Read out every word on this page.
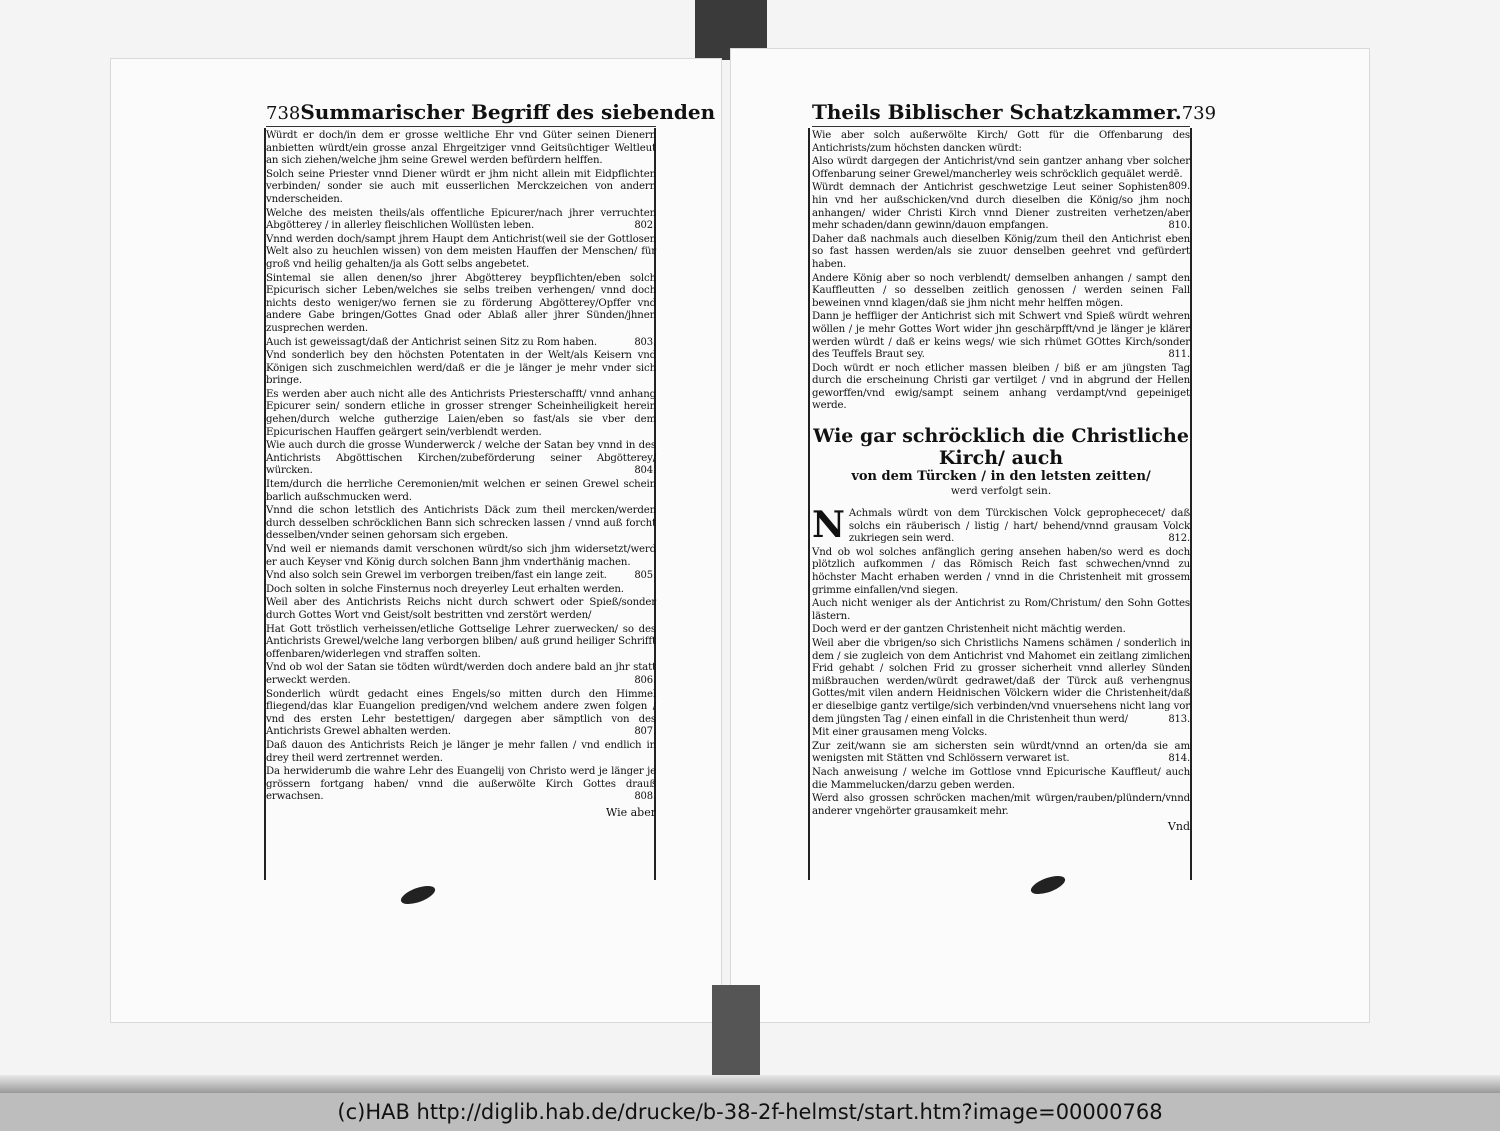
738 Summarischer Begriff des siebenden
Würdt er doch/in dem er grosse weltliche Ehr vnd Güter seinen Dienern anbietten würdt/ein grosse anzal Ehrgeitziger vnnd Geitsüchtiger Weltleut an sich ziehen/welche jhm seine Grewel werden befürdern helffen.
Solch seine Priester vnnd Diener würdt er jhm nicht allein mit Eidpflichten verbinden/ sonder sie auch mit eusserlichen Merckzeichen von andern vnderscheiden.
Welche des meisten theils/als offentliche Epicurer/nach jhrer verruchten Abgötterey / in allerley fleischlichen Wollüsten leben.	802.
Vnnd werden doch/sampt jhrem Haupt dem Antichrist(weil sie der Gottlosen Welt also zu heuchlen wissen) von dem meisten Hauffen der Menschen/ für groß vnd heilig gehalten/ja als Gott selbs angebetet.
Sintemal sie allen denen/so jhrer Abgötterey beypflichten/eben solch Epicurisch sicher Leben/welches sie selbs treiben verhengen/ vnnd doch nichts desto weniger/wo fernen sie zu förderung Abgötterey/Opffer vnd andere Gabe bringen/Gottes Gnad oder Ablaß aller jhrer Sünden/jhnen zusprechen werden.
Auch ist geweissagt/daß der Antichrist seinen Sitz zu Rom haben.	803.
Vnd sonderlich bey den höchsten Potentaten in der Welt/als Keisern vnd Königen sich zuschmeichlen werd/daß er die je länger je mehr vnder sich bringe.
Es werden aber auch nicht alle des Antichrists Priesterschafft/ vnnd anhang Epicurer sein/ sondern etliche in grosser strenger Scheinheiligkeit herein gehen/durch welche gutherzige Laien/eben so fast/als sie vber dem Epicurischen Hauffen geärgert sein/verblendt werden.
Wie auch durch die grosse Wunderwerck / welche der Satan bey vnnd in des Antichrists Abgöttischen Kirchen/zubeförderung seiner Abgötterey/ würcken.	804.
Item/durch die herrliche Ceremonien/mit welchen er seinen Grewel schein barlich außschmucken werd.
Vnnd die schon letstlich des Antichrists Däck zum theil mercken/werden durch desselben schröcklichen Bann sich schrecken lassen / vnnd auß forcht desselben/vnder seinen gehorsam sich ergeben.
Vnd weil er niemands damit verschonen würdt/so sich jhm widersetzt/werd er auch Keyser vnd König durch solchen Bann jhm vnderthänig machen.
Vnd also solch sein Grewel im verborgen treiben/fast ein lange zeit.	805.
Doch solten in solche Finsternus noch dreyerley Leut erhalten werden.
Weil aber des Antichrists Reichs nicht durch schwert oder Spieß/sonder durch Gottes Wort vnd Geist/solt bestritten vnd zerstört werden/
Hat Gott tröstlich verheissen/etliche Gottselige Lehrer zuerwecken/ so des Antichrists Grewel/welche lang verborgen bliben/ auß grund heiliger Schrifft offenbaren/widerlegen vnd straffen solten.
Vnd ob wol der Satan sie tödten würdt/werden doch andere bald an jhr statt erweckt werden.	806.
Sonderlich würdt gedacht eines Engels/so mitten durch den Himmel fliegend/das klar Euangelion predigen/vnd welchem andere zwen folgen / vnd des ersten Lehr bestettigen/ dargegen aber sämptlich von des Antichrists Grewel abhalten werden.	807.
Daß dauon des Antichrists Reich je länger je mehr fallen / vnd endlich in drey theil werd zertrennet werden.
Da herwiderumb die wahre Lehr des Euangelij von Christo werd je länger je grössern fortgang haben/ vnnd die außerwölte Kirch Gottes drauß erwachsen.	808.
Wie aber
Theils Biblischer Schatzkammer. 739
Wie aber solch außerwölte Kirch/ Gott für die Offenbarung des Antichrists/zum höchsten dancken würdt:
Also würdt dargegen der Antichrist/vnd sein gantzer anhang vber solcher Offenbarung seiner Grewel/mancherley weis schröcklich gequälet werdē.
809.
Würdt demnach der Antichrist geschwetzige Leut seiner Sophisten hin vnd her außschicken/vnd durch dieselben die König/so jhm noch anhangen/ wider Christi Kirch vnnd Diener zustreiten verhetzen/aber mehr schaden/dann gewinn/dauon empfangen.	810.
Daher daß nachmals auch dieselben König/zum theil den Antichrist eben so fast hassen werden/als sie zuuor denselben geehret vnd gefürdert haben.
Andere König aber so noch verblendt/ demselben anhangen / sampt den Kauffleutten / so desselben zeitlich genossen / werden seinen Fall beweinen vnnd klagen/daß sie jhm nicht mehr helffen mögen.
Dann je heffiiger der Antichrist sich mit Schwert vnd Spieß würdt wehren wöllen / je mehr Gottes Wort wider jhn geschärpfft/vnd je länger je klärer werden würdt / daß er keins wegs/ wie sich rhümet GOttes Kirch/sonder des Teuffels Braut sey.	811.
Doch würdt er noch etlicher massen bleiben / biß er am jüngsten Tag durch die erscheinung Christi gar vertilget / vnd in abgrund der Hellen geworffen/vnd ewig/sampt seinem anhang verdampt/vnd gepeiniget werde.
Wie gar schröcklich die Christliche Kirch/ auch
von dem Türcken / in den letsten zeitten/
werd verfolgt sein.
N Achmals würdt von dem Türckischen Volck geprophececet/ daß solchs ein räuberisch / listig / hart/ behend/vnnd grausam Volck zukriegen sein werd.	812.
Vnd ob wol solches anfänglich gering ansehen haben/so werd es doch plötzlich aufkommen / das Römisch Reich fast schwechen/vnnd zu höchster Macht erhaben werden / vnnd in die Christenheit mit grossem grimme einfallen/vnd siegen.
Auch nicht weniger als der Antichrist zu Rom/Christum/ den Sohn Gottes lästern.
Doch werd er der gantzen Christenheit nicht mächtig werden.
Weil aber die vbrigen/so sich Christlichs Namens schämen / sonderlich in dem / sie zugleich von dem Antichrist vnd Mahomet ein zeitlang zimlichen Frid gehabt / solchen Frid zu grosser sicherheit vnnd allerley Sünden mißbrauchen werden/würdt gedrawet/daß der Türck auß verhengnus Gottes/mit vilen andern Heidnischen Völckern wider die Christenheit/daß er dieselbige gantz vertilge/sich verbinden/vnd vnuersehens nicht lang vor dem jüngsten Tag / einen einfall in die Christenheit thun werd/	813.
Mit einer grausamen meng Volcks.
Zur zeit/wann sie am sichersten sein würdt/vnnd an orten/da sie am wenigsten mit Stätten vnd Schlössern verwaret ist.	814.
Nach anweisung / welche im Gottlose vnnd Epicurische Kauffleut/ auch die Mammelucken/darzu geben werden.
Werd also grossen schröcken machen/mit würgen/rauben/plündern/vnnd anderer vngehörter grausamkeit mehr.
Vnd
(c)HAB http://diglib.hab.de/drucke/b-38-2f-helmst/start.htm?image=00000768
